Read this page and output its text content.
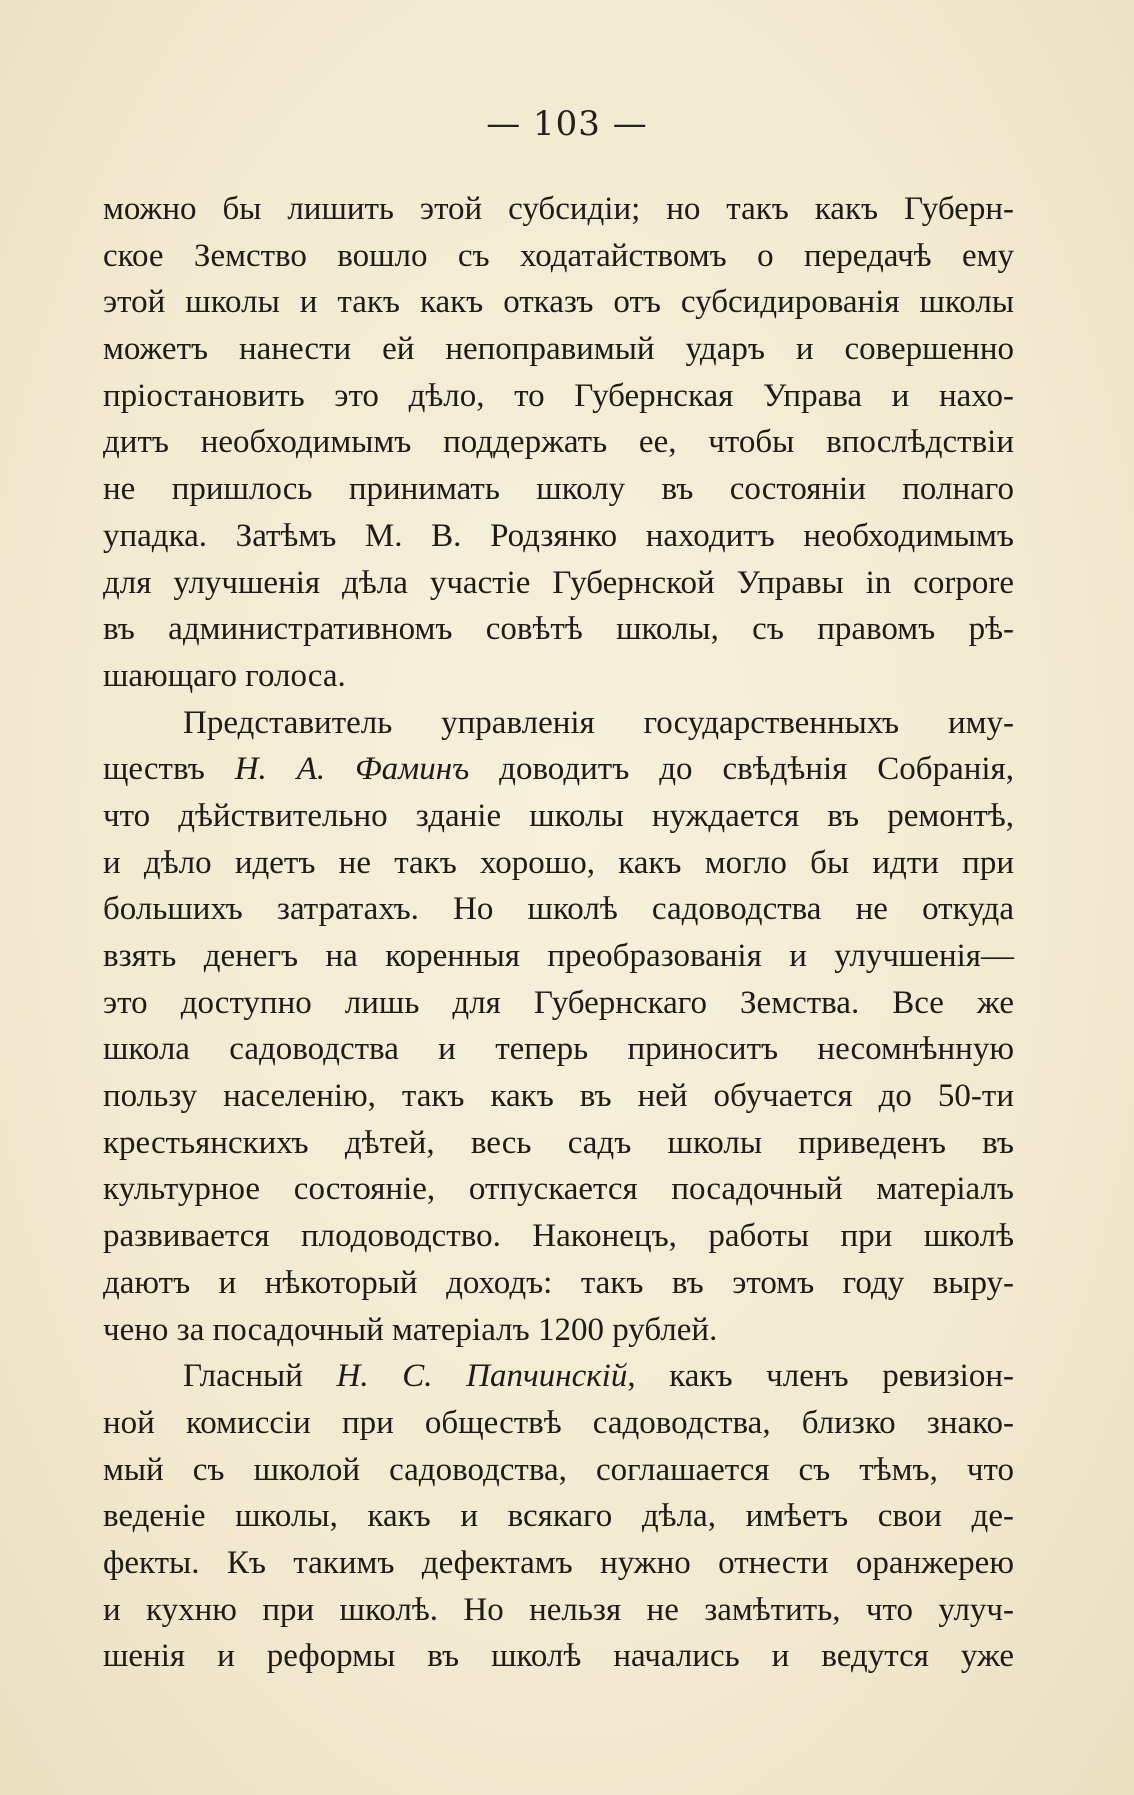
— 103 —
можно бы лишить этой субсидіи; но такъ какъ Губерн-
ское Земство вошло съ ходатайствомъ о передачѣ ему
этой школы и такъ какъ отказъ отъ субсидированія школы
можетъ нанести ей непоправимый ударъ и совершенно
пріостановить это дѣло, то Губернская Управа и нахо-
дитъ необходимымъ поддержать ее, чтобы впослѣдствіи
не пришлось принимать школу въ состояніи полнаго
упадка. Затѣмъ М. В. Родзянко находитъ необходимымъ
для улучшенія дѣла участіе Губернской Управы in corpore
въ административномъ совѣтѣ школы, съ правомъ рѣ-
шающаго голоса.
Представитель управленія государственныхъ иму-
ществъ Н. А. Фаминъ доводитъ до свѣдѣнія Собранія,
что дѣйствительно зданіе школы нуждается въ ремонтѣ,
и дѣло идетъ не такъ хорошо, какъ могло бы идти при
большихъ затратахъ. Но школѣ садоводства не откуда
взять денегъ на коренныя преобразованія и улучшенія—
это доступно лишь для Губернскаго Земства. Все же
школа садоводства и теперь приноситъ несомнѣнную
пользу населенію, такъ какъ въ ней обучается до 50-ти
крестьянскихъ дѣтей, весь садъ школы приведенъ въ
культурное состояніе, отпускается посадочный матеріалъ
развивается плодоводство. Наконецъ, работы при школѣ
даютъ и нѣкоторый доходъ: такъ въ этомъ году выру-
чено за посадочный матеріалъ 1200 рублей.
Гласный Н. С. Папчинскій, какъ членъ ревизіон-
ной комиссіи при обществѣ садоводства, близко знако-
мый съ школой садоводства, соглашается съ тѣмъ, что
веденіе школы, какъ и всякаго дѣла, имѣетъ свои де-
фекты. Къ такимъ дефектамъ нужно отнести оранжерею
и кухню при школѣ. Но нельзя не замѣтить, что улуч-
шенія и реформы въ школѣ начались и ведутся уже
